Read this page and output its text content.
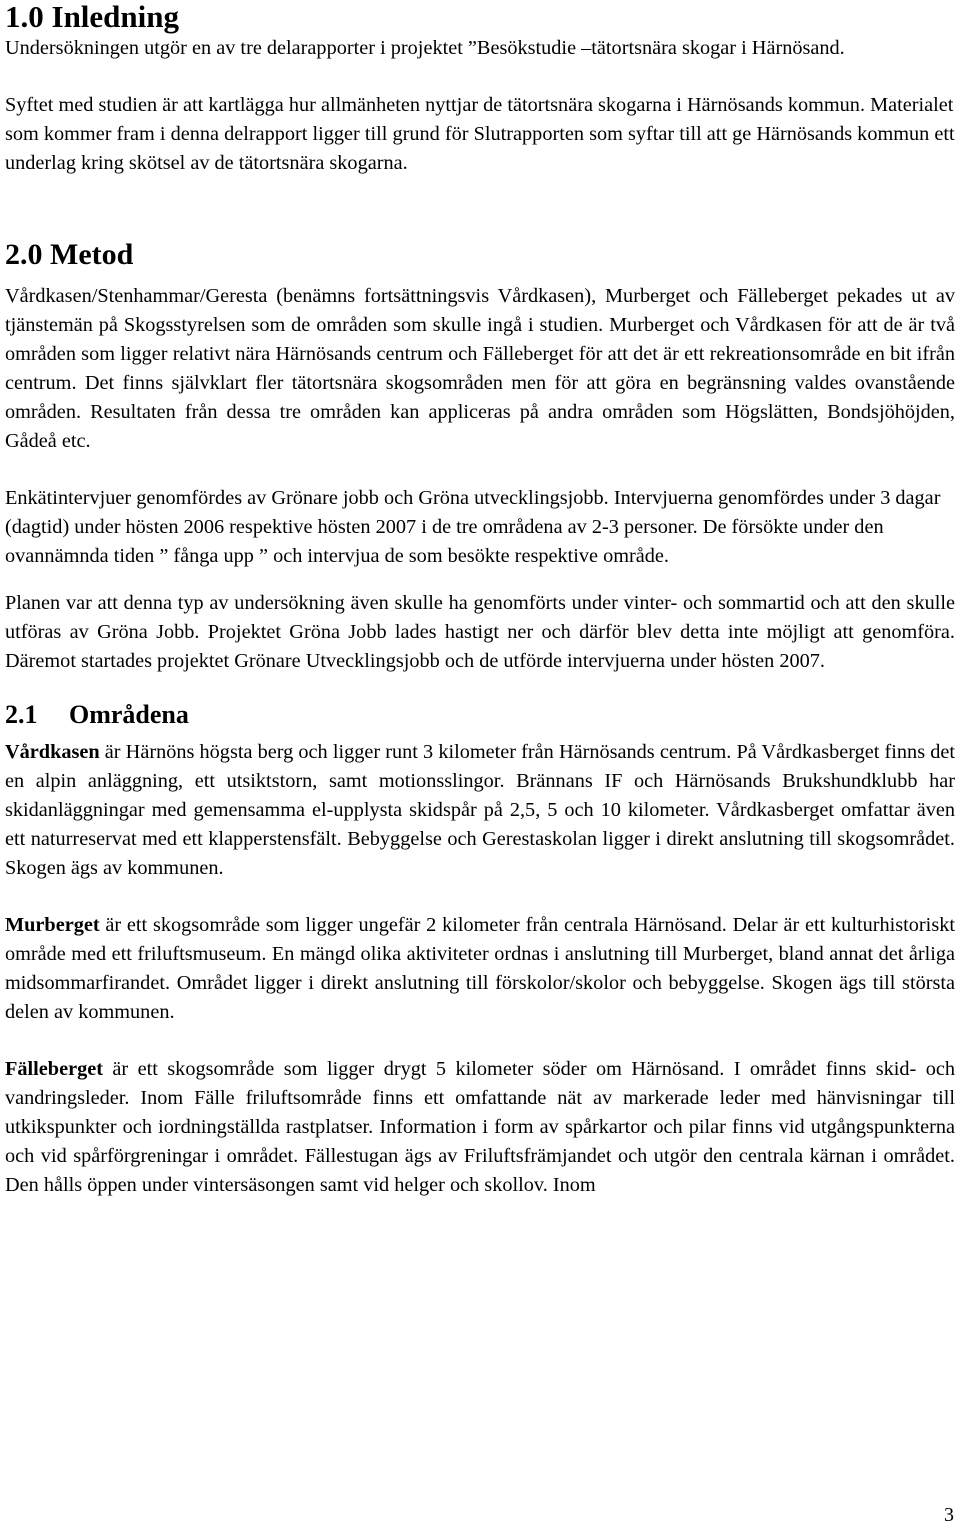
1.0 Inledning

Undersökningen utgör en av tre delarapporter i projektet ”Besökstudie –tätortsnära skogar i Härnösand.

Syftet med studien är att kartlägga hur allmänheten nyttjar de tätortsnära skogarna i Härnösands kommun. Materialet som kommer fram i denna delrapport ligger till grund för Slutrapporten som syftar till att ge Härnösands kommun ett underlag kring skötsel av de tätortsnära skogarna.

2.0 Metod

Vårdkasen/Stenhammar/Geresta (benämns fortsättningsvis Vårdkasen), Murberget och Fälleberget pekades ut av tjänstemän på Skogsstyrelsen som de områden som skulle ingå i studien. Murberget och Vårdkasen för att de är två områden som ligger relativt nära Härnösands centrum och Fälleberget för att det är ett rekreationsområde en bit ifrån centrum. Det finns självklart fler tätortsnära skogsområden men för att göra en begränsning valdes ovanstående områden. Resultaten från dessa tre områden kan appliceras på andra områden som Högslätten, Bondsjöhöjden, Gådeå etc.

Enkätintervjuer genomfördes av Grönare jobb och Gröna utvecklingsjobb. Intervjuerna genomfördes under 3 dagar (dagtid) under hösten 2006 respektive hösten 2007 i de tre områdena av 2-3 personer. De försökte under den ovannämnda tiden ” fånga upp ” och intervjua de som besökte respektive område.

Planen var att denna typ av undersökning även skulle ha genomförts under vinter- och sommartid och att den skulle utföras av Gröna Jobb. Projektet Gröna Jobb lades hastigt ner och därför blev detta inte möjligt att genomföra. Däremot startades projektet Grönare Utvecklingsjobb och de utförde intervjuerna under hösten 2007.

2.1 Områdena

Vårdkasen är Härnöns högsta berg och ligger runt 3 kilometer från Härnösands centrum. På Vårdkasberget finns det en alpin anläggning, ett utsiktstorn, samt motionsslingor. Brännans IF och Härnösands Brukshundklubb har skidanläggningar med gemensamma el-upplysta skidspår på 2,5, 5 och 10 kilometer. Vårdkasberget omfattar även ett naturreservat med ett klapperstensfält. Bebyggelse och Gerestaskolan ligger i direkt anslutning till skogsområdet. Skogen ägs av kommunen.

Murberget är ett skogsområde som ligger ungefär 2 kilometer från centrala Härnösand. Delar är ett kulturhistoriskt område med ett friluftsmuseum. En mängd olika aktiviteter ordnas i anslutning till Murberget, bland annat det årliga midsommarfirandet. Området ligger i direkt anslutning till förskolor/skolor och bebyggelse. Skogen ägs till största delen av kommunen.

Fälleberget är ett skogsområde som ligger drygt 5 kilometer söder om Härnösand. I området finns skid- och vandringsleder. Inom Fälle friluftsområde finns ett omfattande nät av markerade leder med hänvisningar till utkikspunkter och iordningställda rastplatser. Information i form av spårkartor och pilar finns vid utgångspunkterna och vid spårförgreningar i området. Fällestugan ägs av Friluftsfrämjandet och utgör den centrala kärnan i området. Den hålls öppen under vintersäsongen samt vid helger och skollov. Inom

3
